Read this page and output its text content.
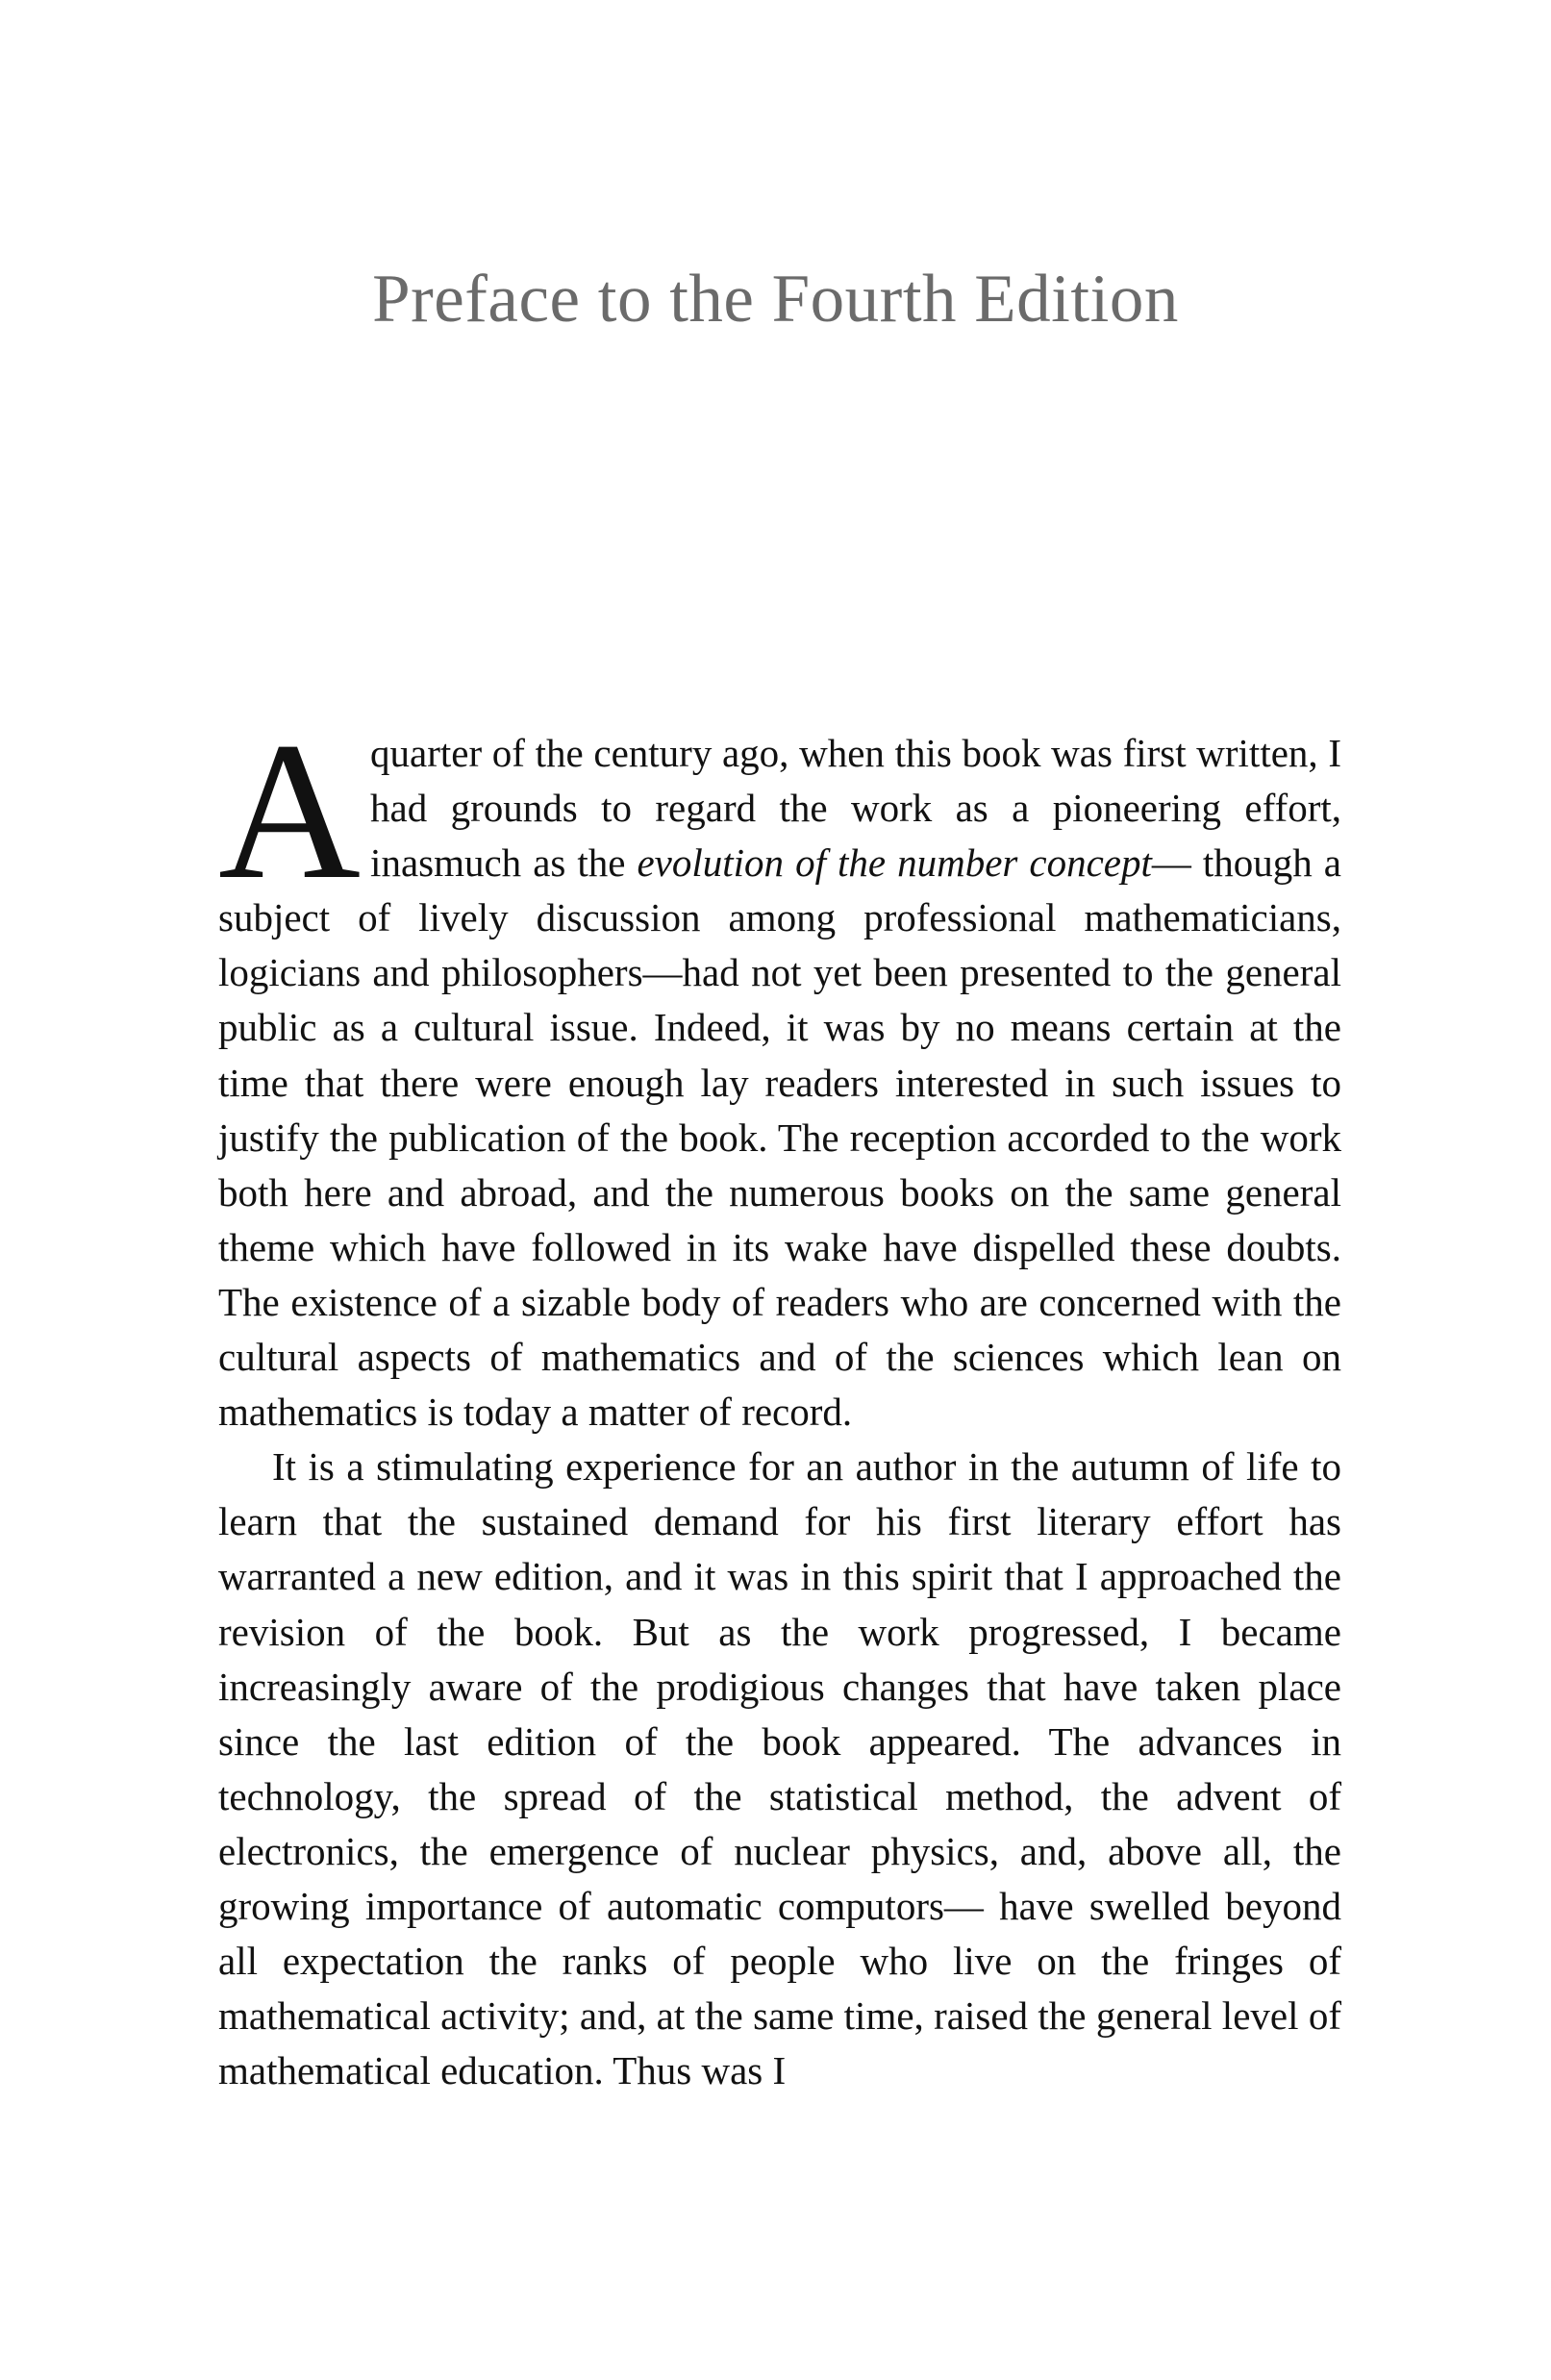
Preface to the Fourth Edition

Aquarter of the century ago, when this book was first written, I had grounds to regard the work as a pioneering effort, inasmuch as the evolution of the number concept— though a subject of lively discussion among professional mathematicians, logicians and philosophers—had not yet been presented to the general public as a cultural issue. Indeed, it was by no means certain at the time that there were enough lay readers interested in such issues to justify the publication of the book. The reception accorded to the work both here and abroad, and the numerous books on the same general theme which have followed in its wake have dispelled these doubts. The existence of a sizable body of readers who are concerned with the cultural aspects of mathematics and of the sciences which lean on mathematics is today a matter of record.

It is a stimulating experience for an author in the autumn of life to learn that the sustained demand for his first literary effort has warranted a new edition, and it was in this spirit that I approached the revision of the book. But as the work progressed, I became increasingly aware of the prodigious changes that have taken place since the last edition of the book appeared. The advances in technology, the spread of the statistical method, the advent of electronics, the emergence of nuclear physics, and, above all, the growing importance of automatic computors— have swelled beyond all expectation the ranks of people who live on the fringes of mathematical activity; and, at the same time, raised the general level of mathematical education. Thus was I
